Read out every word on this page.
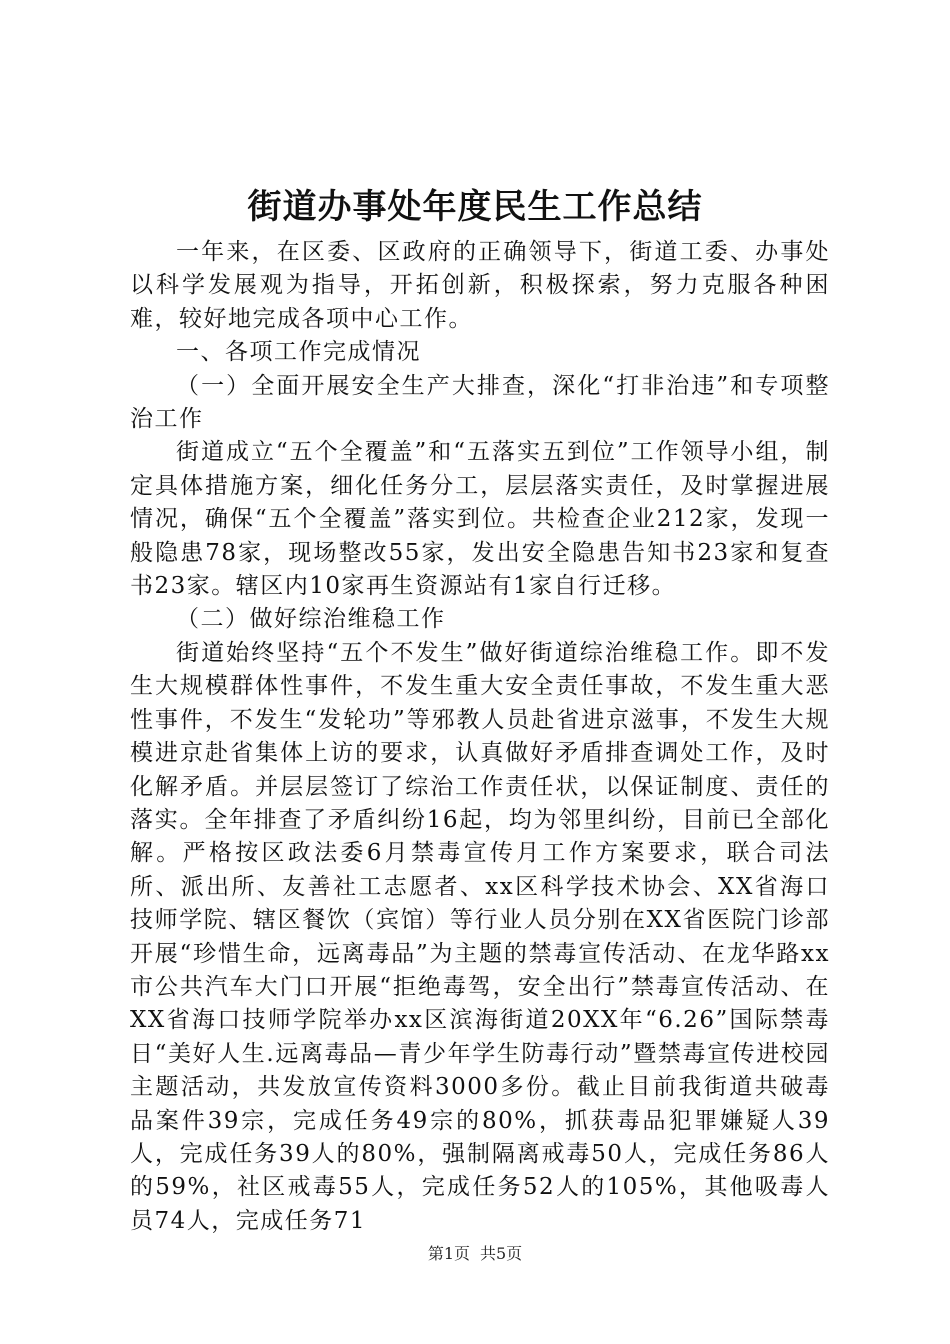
街道办事处年度民生工作总结

一年来，在区委、区政府的正确领导下，街道工委、办事处以科学发展观为指导，开拓创新，积极探索，努力克服各种困难，较好地完成各项中心工作。

一、各项工作完成情况

（一）全面开展安全生产大排查，深化“打非治违”和专项整治工作

街道成立“五个全覆盖”和“五落实五到位”工作领导小组，制定具体措施方案，细化任务分工，层层落实责任，及时掌握进展情况，确保“五个全覆盖”落实到位。共检查企业212家，发现一般隐患78家，现场整改55家，发出安全隐患告知书23家和复查书23家。辖区内10家再生资源站有1家自行迁移。

（二）做好综治维稳工作

街道始终坚持“五个不发生”做好街道综治维稳工作。即不发生大规模群体性事件，不发生重大安全责任事故，不发生重大恶性事件，不发生“发轮功”等邪教人员赴省进京滋事，不发生大规模进京赴省集体上访的要求，认真做好矛盾排查调处工作，及时化解矛盾。并层层签订了综治工作责任状，以保证制度、责任的落实。全年排查了矛盾纠纷16起，均为邻里纠纷，目前已全部化解。严格按区政法委6月禁毒宣传月工作方案要求，联合司法所、派出所、友善社工志愿者、xx区科学技术协会、XX省海口技师学院、辖区餐饮（宾馆）等行业人员分别在XX省医院门诊部开展“珍惜生命，远离毒品”为主题的禁毒宣传活动、在龙华路xx市公共汽车大门口开展“拒绝毒驾，安全出行”禁毒宣传活动、在XX省海口技师学院举办xx区滨海街道20XX年“6.26”国际禁毒日“美好人生.远离毒品—青少年学生防毒行动”暨禁毒宣传进校园主题活动，共发放宣传资料3000多份。截止目前我街道共破毒品案件39宗，完成任务49宗的80%，抓获毒品犯罪嫌疑人39人，完成任务39人的80%，强制隔离戒毒50人，完成任务86人的59%，社区戒毒55人，完成任务52人的105%，其他吸毒人员74人，完成任务71

第1页 共5页
